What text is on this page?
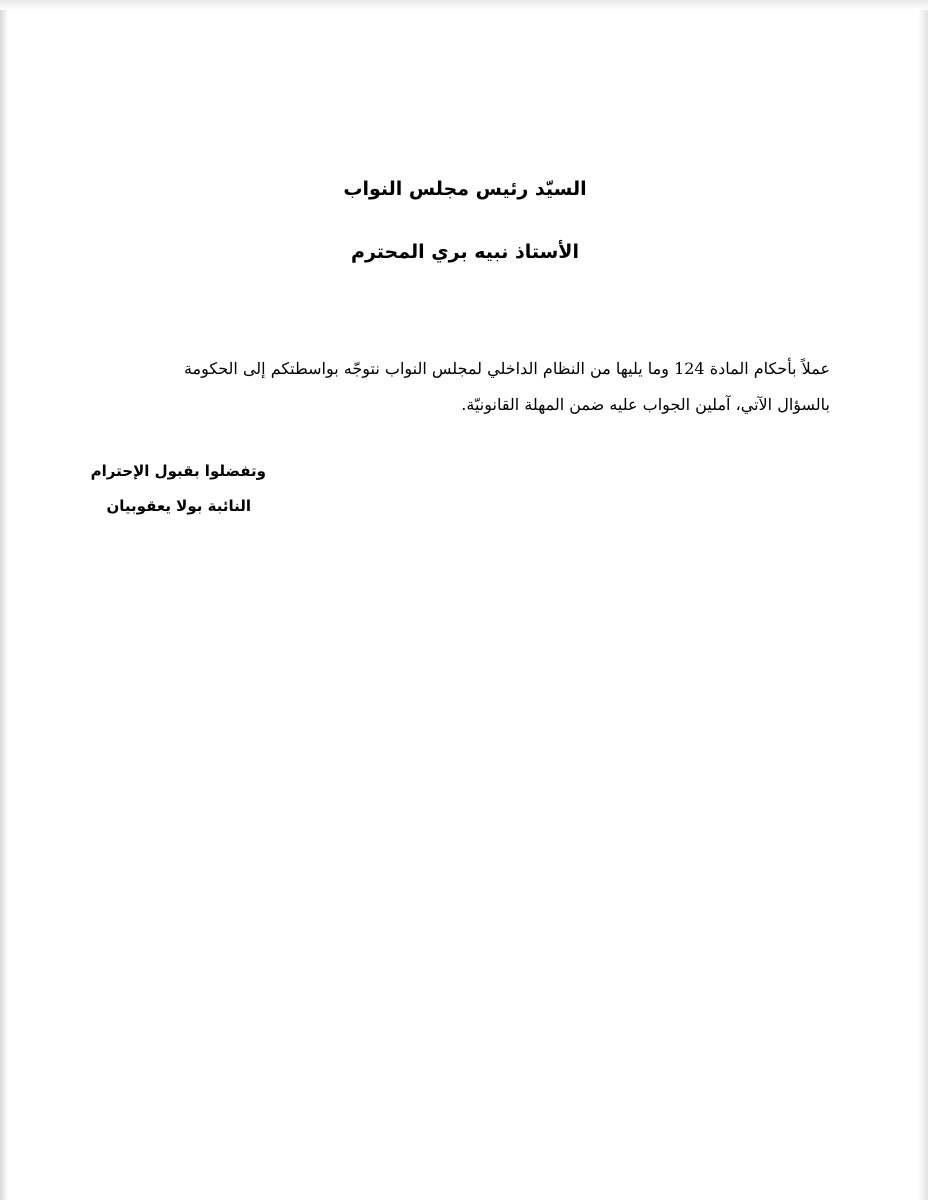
السيّد رئيس مجلس النواب
الأستاذ نبيه بري المحترم
عملاً بأحكام المادة 124 وما يليها من النظام الداخلي لمجلس النواب نتوجّه بواسطتكم إلى الحكومة
بالسؤال الآتي، آملين الجواب عليه ضمن المهلة القانونيّة.
وتفضلوا بقبول الإحترام
النائبة بولا يعقوبيان
